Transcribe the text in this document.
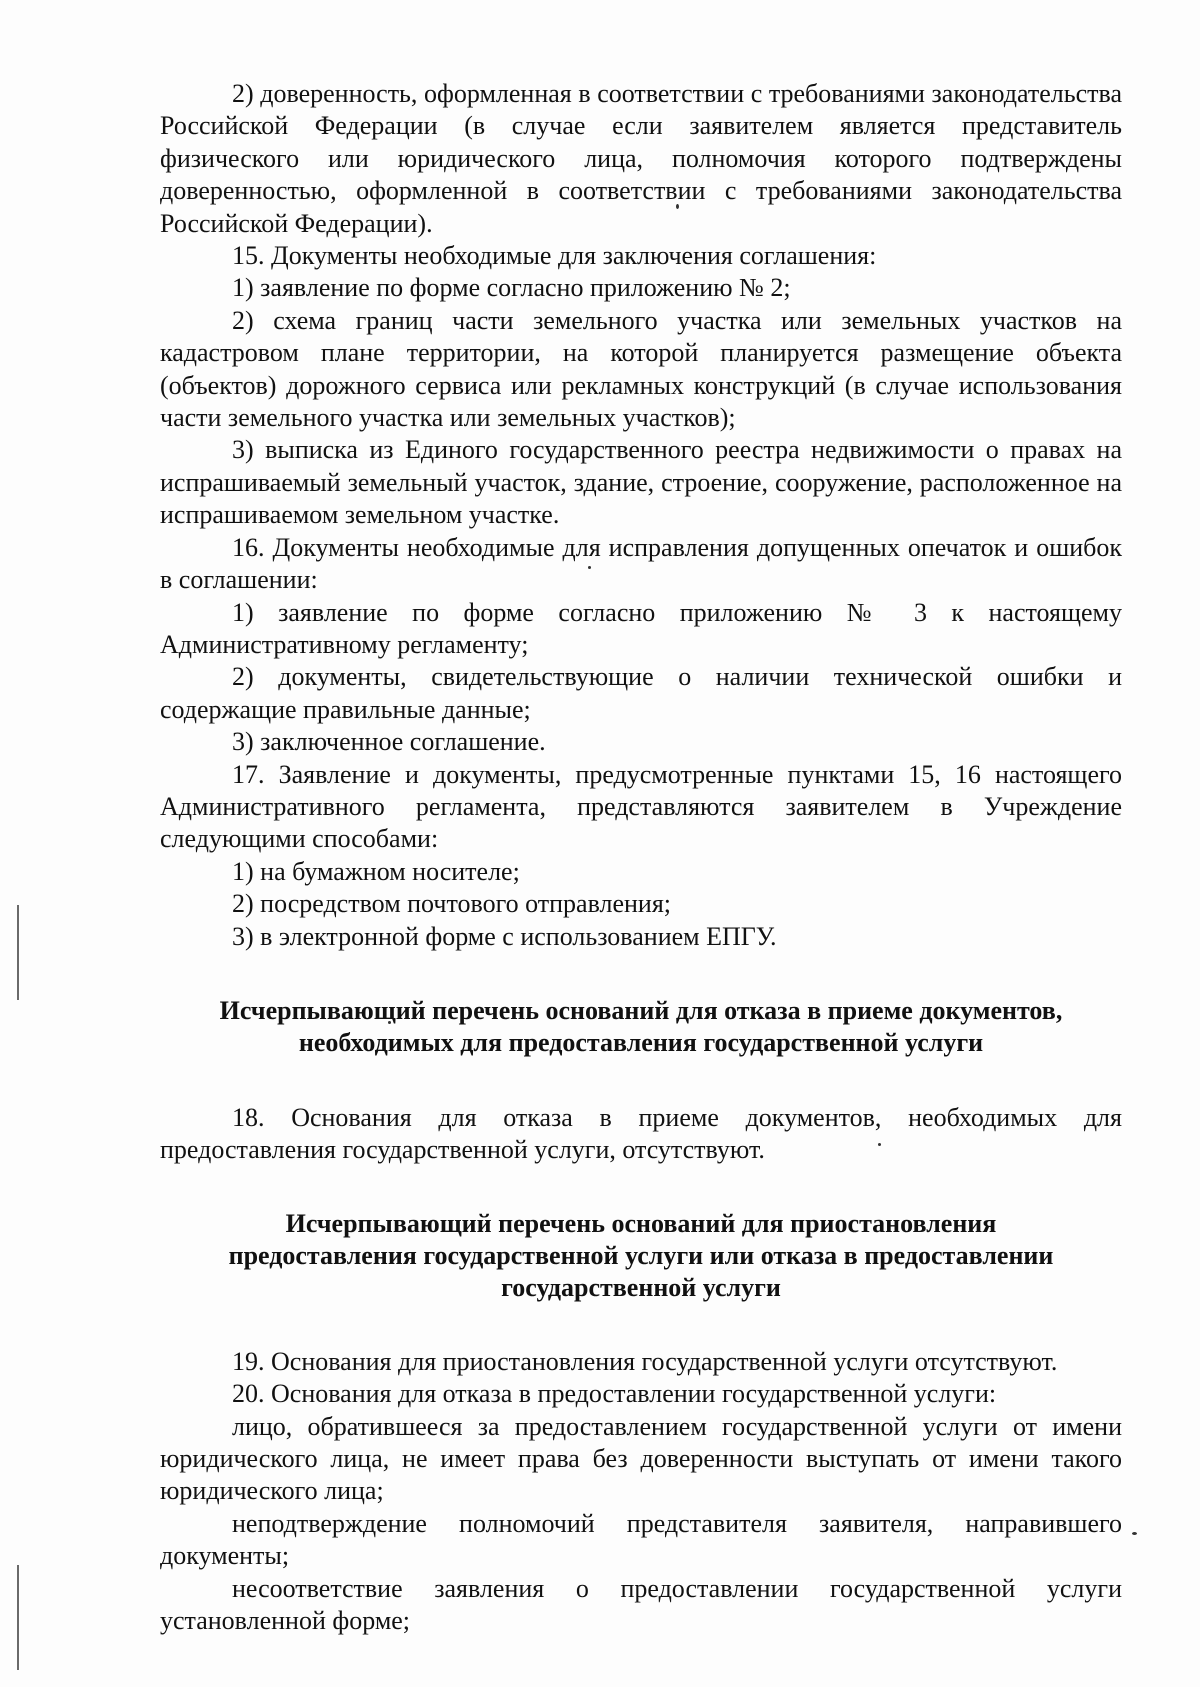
2) доверенность, оформленная в соответствии с требованиями законодательства Российской Федерации (в случае если заявителем является представитель физического или юридического лица, полномочия которого подтверждены доверенностью, оформленной в соответствии с требованиями законодательства Российской Федерации).

15. Документы необходимые для заключения соглашения:

1) заявление по форме согласно приложению № 2;

2) схема границ части земельного участка или земельных участков на кадастровом плане территории, на которой планируется размещение объекта (объектов) дорожного сервиса или рекламных конструкций (в случае использования части земельного участка или земельных участков);

3) выписка из Единого государственного реестра недвижимости о правах на испрашиваемый земельный участок, здание, строение, сооружение, расположенное на испрашиваемом земельном участке.

16. Документы необходимые для исправления допущенных опечаток и ошибок в соглашении:

1) заявление по форме согласно приложению № 3 к настоящему Административному регламенту;

2) документы, свидетельствующие о наличии технической ошибки и содержащие правильные данные;

3) заключенное соглашение.

17. Заявление и документы, предусмотренные пунктами 15, 16 настоящего Административного регламента, представляются заявителем в Учреждение следующими способами:

1) на бумажном носителе;

2) посредством почтового отправления;

3) в электронной форме с использованием ЕПГУ.

Исчерпывающий перечень оснований для отказа в приеме документов,
необходимых для предоставления государственной услуги

18. Основания для отказа в приеме документов, необходимых для предоставления государственной услуги, отсутствуют.

Исчерпывающий перечень оснований для приостановления
предоставления государственной услуги или отказа в предоставлении
государственной услуги

19. Основания для приостановления государственной услуги отсутствуют.

20. Основания для отказа в предоставлении государственной услуги:

лицо, обратившееся за предоставлением государственной услуги от имени юридического лица, не имеет права без доверенности выступать от имени такого юридического лица;

неподтверждение полномочий представителя заявителя, направившего документы;

несоответствие заявления о предоставлении государственной услуги установленной форме;
